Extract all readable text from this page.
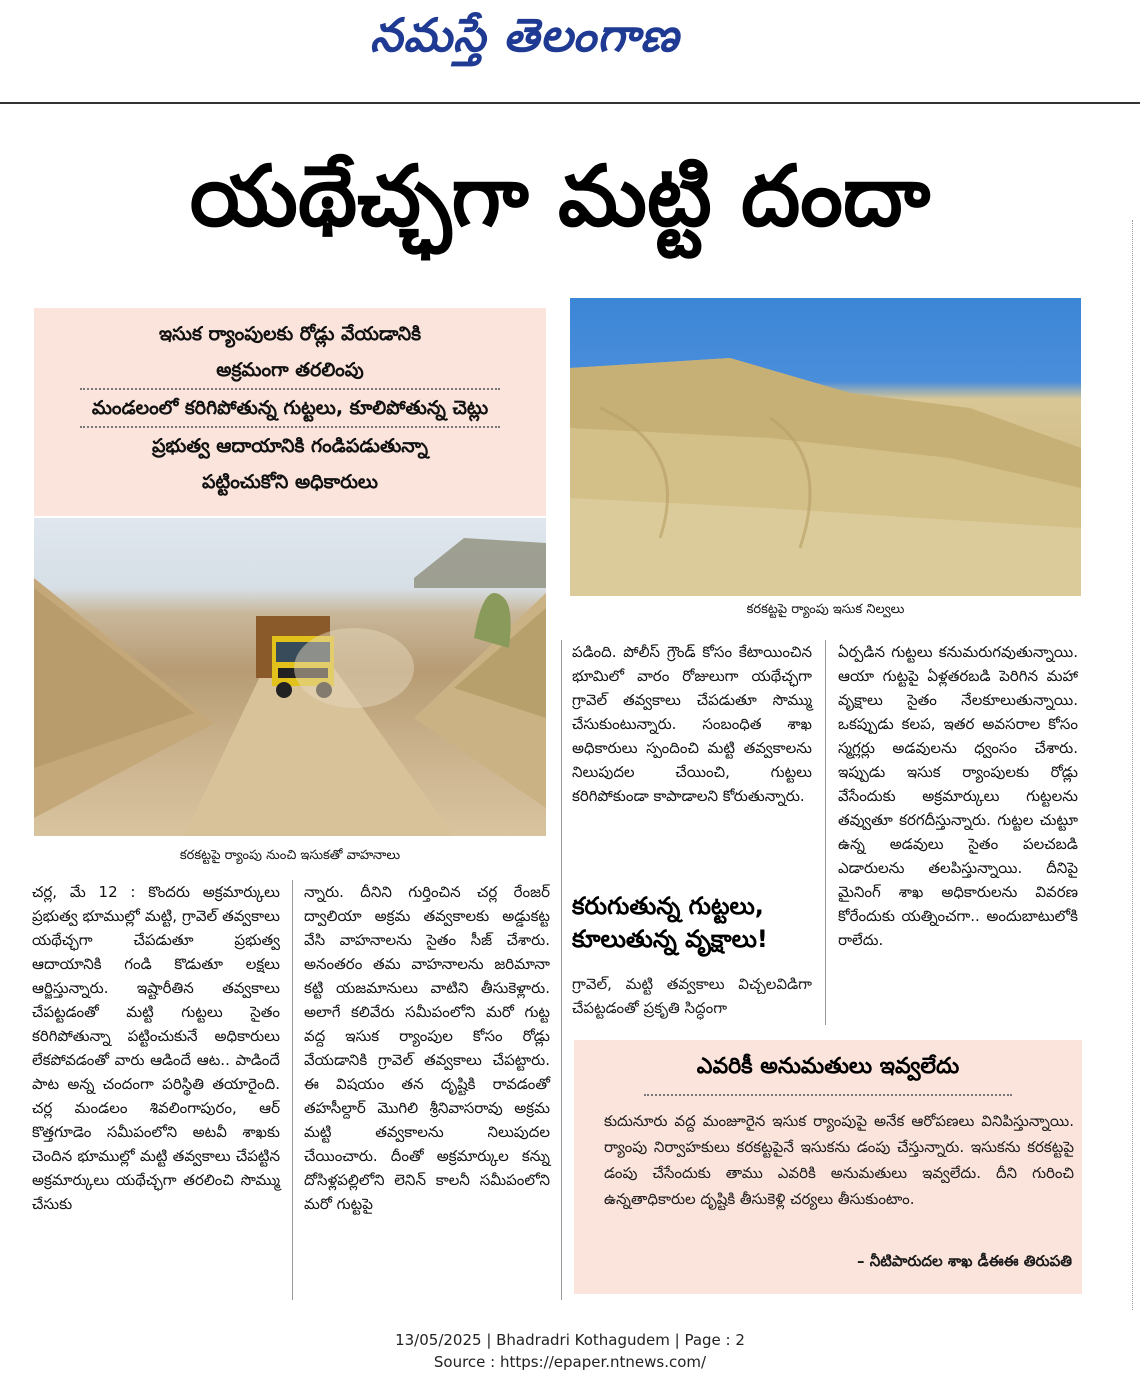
నమస్తే తెలంగాణ
యథేచ్ఛగా మట్టి దందా
ఇసుక ర్యాంపులకు రోడ్లు వేయడానికి
అక్రమంగా తరలింపు
మండలంలో కరిగిపోతున్న గుట్టలు, కూలిపోతున్న చెట్లు
ప్రభుత్వ ఆదాయానికి గండిపడుతున్నా
పట్టించుకోని అధికారులు
కరకట్టపై ర్యాంపు నుంచి ఇసుకతో వాహనాలు
కరకట్టపై ర్యాంపు ఇసుక నిల్వలు
చర్ల, మే 12 : కొందరు అక్రమార్కులు ప్రభుత్వ భూముల్లో మట్టి, గ్రావెల్ తవ్వకాలు యథేచ్ఛగా చేపడుతూ ప్రభుత్వ ఆదాయానికి గండి కొడుతూ లక్షలు ఆర్జిస్తున్నారు. ఇష్టారీతిన తవ్వకాలు చేపట్టడంతో మట్టి గుట్టలు సైతం కరిగిపోతున్నా పట్టించుకునే అధికారులు లేకపోవడంతో వారు ఆడిందే ఆట.. పాడిందే పాట అన్న చందంగా పరిస్థితి తయారైంది. చర్ల మండలం శివలింగాపురం, ఆర్ కొత్తగూడెం సమీపంలోని అటవీ శాఖకు చెందిన భూముల్లో మట్టి తవ్వకాలు చేపట్టిన అక్రమార్కులు యథేచ్ఛగా తరలించి సొమ్ము చేసుకు
న్నారు. దీనిని గుర్తించిన చర్ల రేంజర్ ద్వాలియా అక్రమ తవ్వకాలకు అడ్డుకట్ట వేసి వాహనాలను సైతం సీజ్ చేశారు. అనంతరం తమ వాహనాలను జరిమానా కట్టి యజమానులు వాటిని తీసుకెళ్లారు. అలాగే కలివేరు సమీపంలోని మరో గుట్ట వద్ద ఇసుక ర్యాంపుల కోసం రోడ్లు వేయడానికి గ్రావెల్ తవ్వకాలు చేపట్టారు. ఈ విషయం తన దృష్టికి రావడంతో తహసీల్దార్ మొగిలి శ్రీనివాసరావు అక్రమ మట్టి తవ్వకాలను నిలుపుదల చేయించారు. దీంతో అక్రమార్కుల కన్ను దోసిళ్లపల్లిలోని లెనిన్ కాలనీ సమీపంలోని మరో గుట్టపై
పడింది. పోలీస్ గ్రౌండ్ కోసం కేటాయించిన భూమిలో వారం రోజులుగా యథేచ్ఛగా గ్రావెల్ తవ్వకాలు చేపడుతూ సొమ్ము చేసుకుంటున్నారు. సంబంధిత శాఖ అధికారులు స్పందించి మట్టి తవ్వకాలను నిలుపుదల చేయించి, గుట్టలు కరిగిపోకుండా కాపాడాలని కోరుతున్నారు.
కరుగుతున్న గుట్టలు, కూలుతున్న వృక్షాలు!
గ్రావెల్, మట్టి తవ్వకాలు విచ్చలవిడిగా చేపట్టడంతో ప్రకృతి సిద్ధంగా
ఏర్పడిన గుట్టలు కనుమరుగవుతున్నాయి. ఆయా గుట్టపై ఏళ్లతరబడి పెరిగిన మహా వృక్షాలు సైతం నేలకూలుతున్నాయి. ఒకప్పుడు కలప, ఇతర అవసరాల కోసం స్మగ్లర్లు అడవులను ధ్వంసం చేశారు. ఇప్పుడు ఇసుక ర్యాంపులకు రోడ్లు వేసేందుకు అక్రమార్కులు గుట్టలను తవ్వుతూ కరగదీస్తున్నారు. గుట్టల చుట్టూ ఉన్న అడవులు సైతం పలచబడి ఎడారులను తలపిస్తున్నాయి. దీనిపై మైనింగ్ శాఖ అధికారులను వివరణ కోరేందుకు యత్నించగా.. అందుబాటులోకి రాలేదు.
ఎవరికీ అనుమతులు ఇవ్వలేదు
కుదునూరు వద్ద మంజూరైన ఇసుక ర్యాంపుపై అనేక ఆరోపణలు వినిపిస్తున్నాయి. ర్యాంపు నిర్వాహకులు కరకట్టపైనే ఇసుకను డంపు చేస్తున్నారు. ఇసుకను కరకట్టపై డంపు చేసేందుకు తాము ఎవరికి అనుమతులు ఇవ్వలేదు. దీని గురించి ఉన్నతాధికారుల దృష్టికి తీసుకెళ్లి చర్యలు తీసుకుంటాం.
– నీటిపారుదల శాఖ డీఈఈ తిరుపతి
13/05/2025 | Bhadradri Kothagudem | Page : 2
Source : https://epaper.ntnews.com/
